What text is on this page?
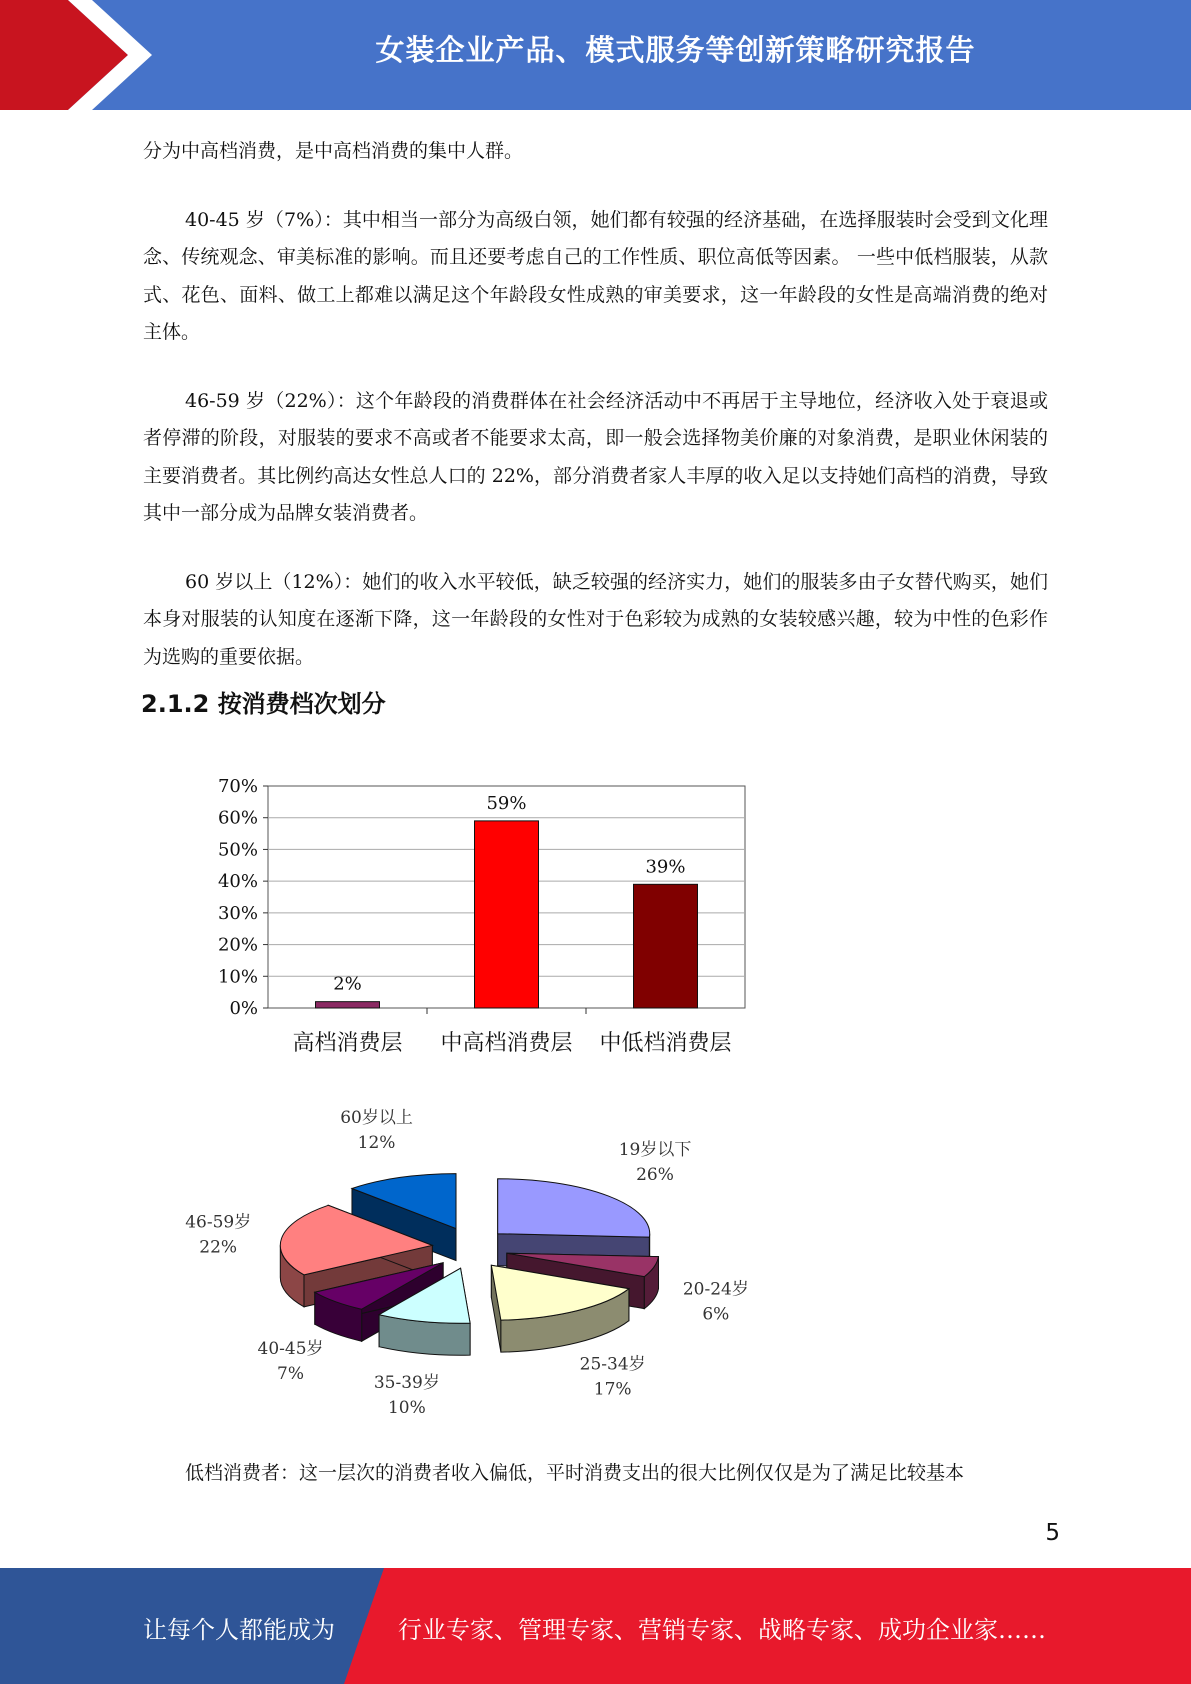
女装企业产品、模式服务等创新策略研究报告

分为中高档消费，是中高档消费的集中人群。

40-45 岁（7%）：其中相当一部分为高级白领，她们都有较强的经济基础，在选择服装时会受到文化理念、传统观念、审美标准的影响。而且还要考虑自己的工作性质、职位高低等因素。 一些中低档服装，从款式、花色、面料、做工上都难以满足这个年龄段女性成熟的审美要求，这一年龄段的女性是高端消费的绝对主体。

46-59 岁（22%）：这个年龄段的消费群体在社会经济活动中不再居于主导地位，经济收入处于衰退或者停滞的阶段，对服装的要求不高或者不能要求太高，即一般会选择物美价廉的对象消费，是职业休闲装的主要消费者。其比例约高达女性总人口的 22%，部分消费者家人丰厚的收入足以支持她们高档的消费，导致其中一部分成为品牌女装消费者。

60 岁以上（12%）：她们的收入水平较低，缺乏较强的经济实力，她们的服装多由子女替代购买，她们本身对服装的认知度在逐渐下降，这一年龄段的女性对于色彩较为成熟的女装较感兴趣，较为中性的色彩作为选购的重要依据。

2.1.2 按消费档次划分
0%
10%
20%
30%
40%
50%
60%
70%
2%
高档消费层
59%
中高档消费层
39%
中低档消费层
19岁以下
26%
20-24岁
6%
25-34岁
17%
35-39岁
10%
40-45岁
7%
46-59岁
22%
60岁以上
12%

低档消费者：这一层次的消费者收入偏低，平时消费支出的很大比例仅仅是为了满足比较基本

5
让每个人都能成为	行业专家、管理专家、营销专家、战略专家、成功企业家……
